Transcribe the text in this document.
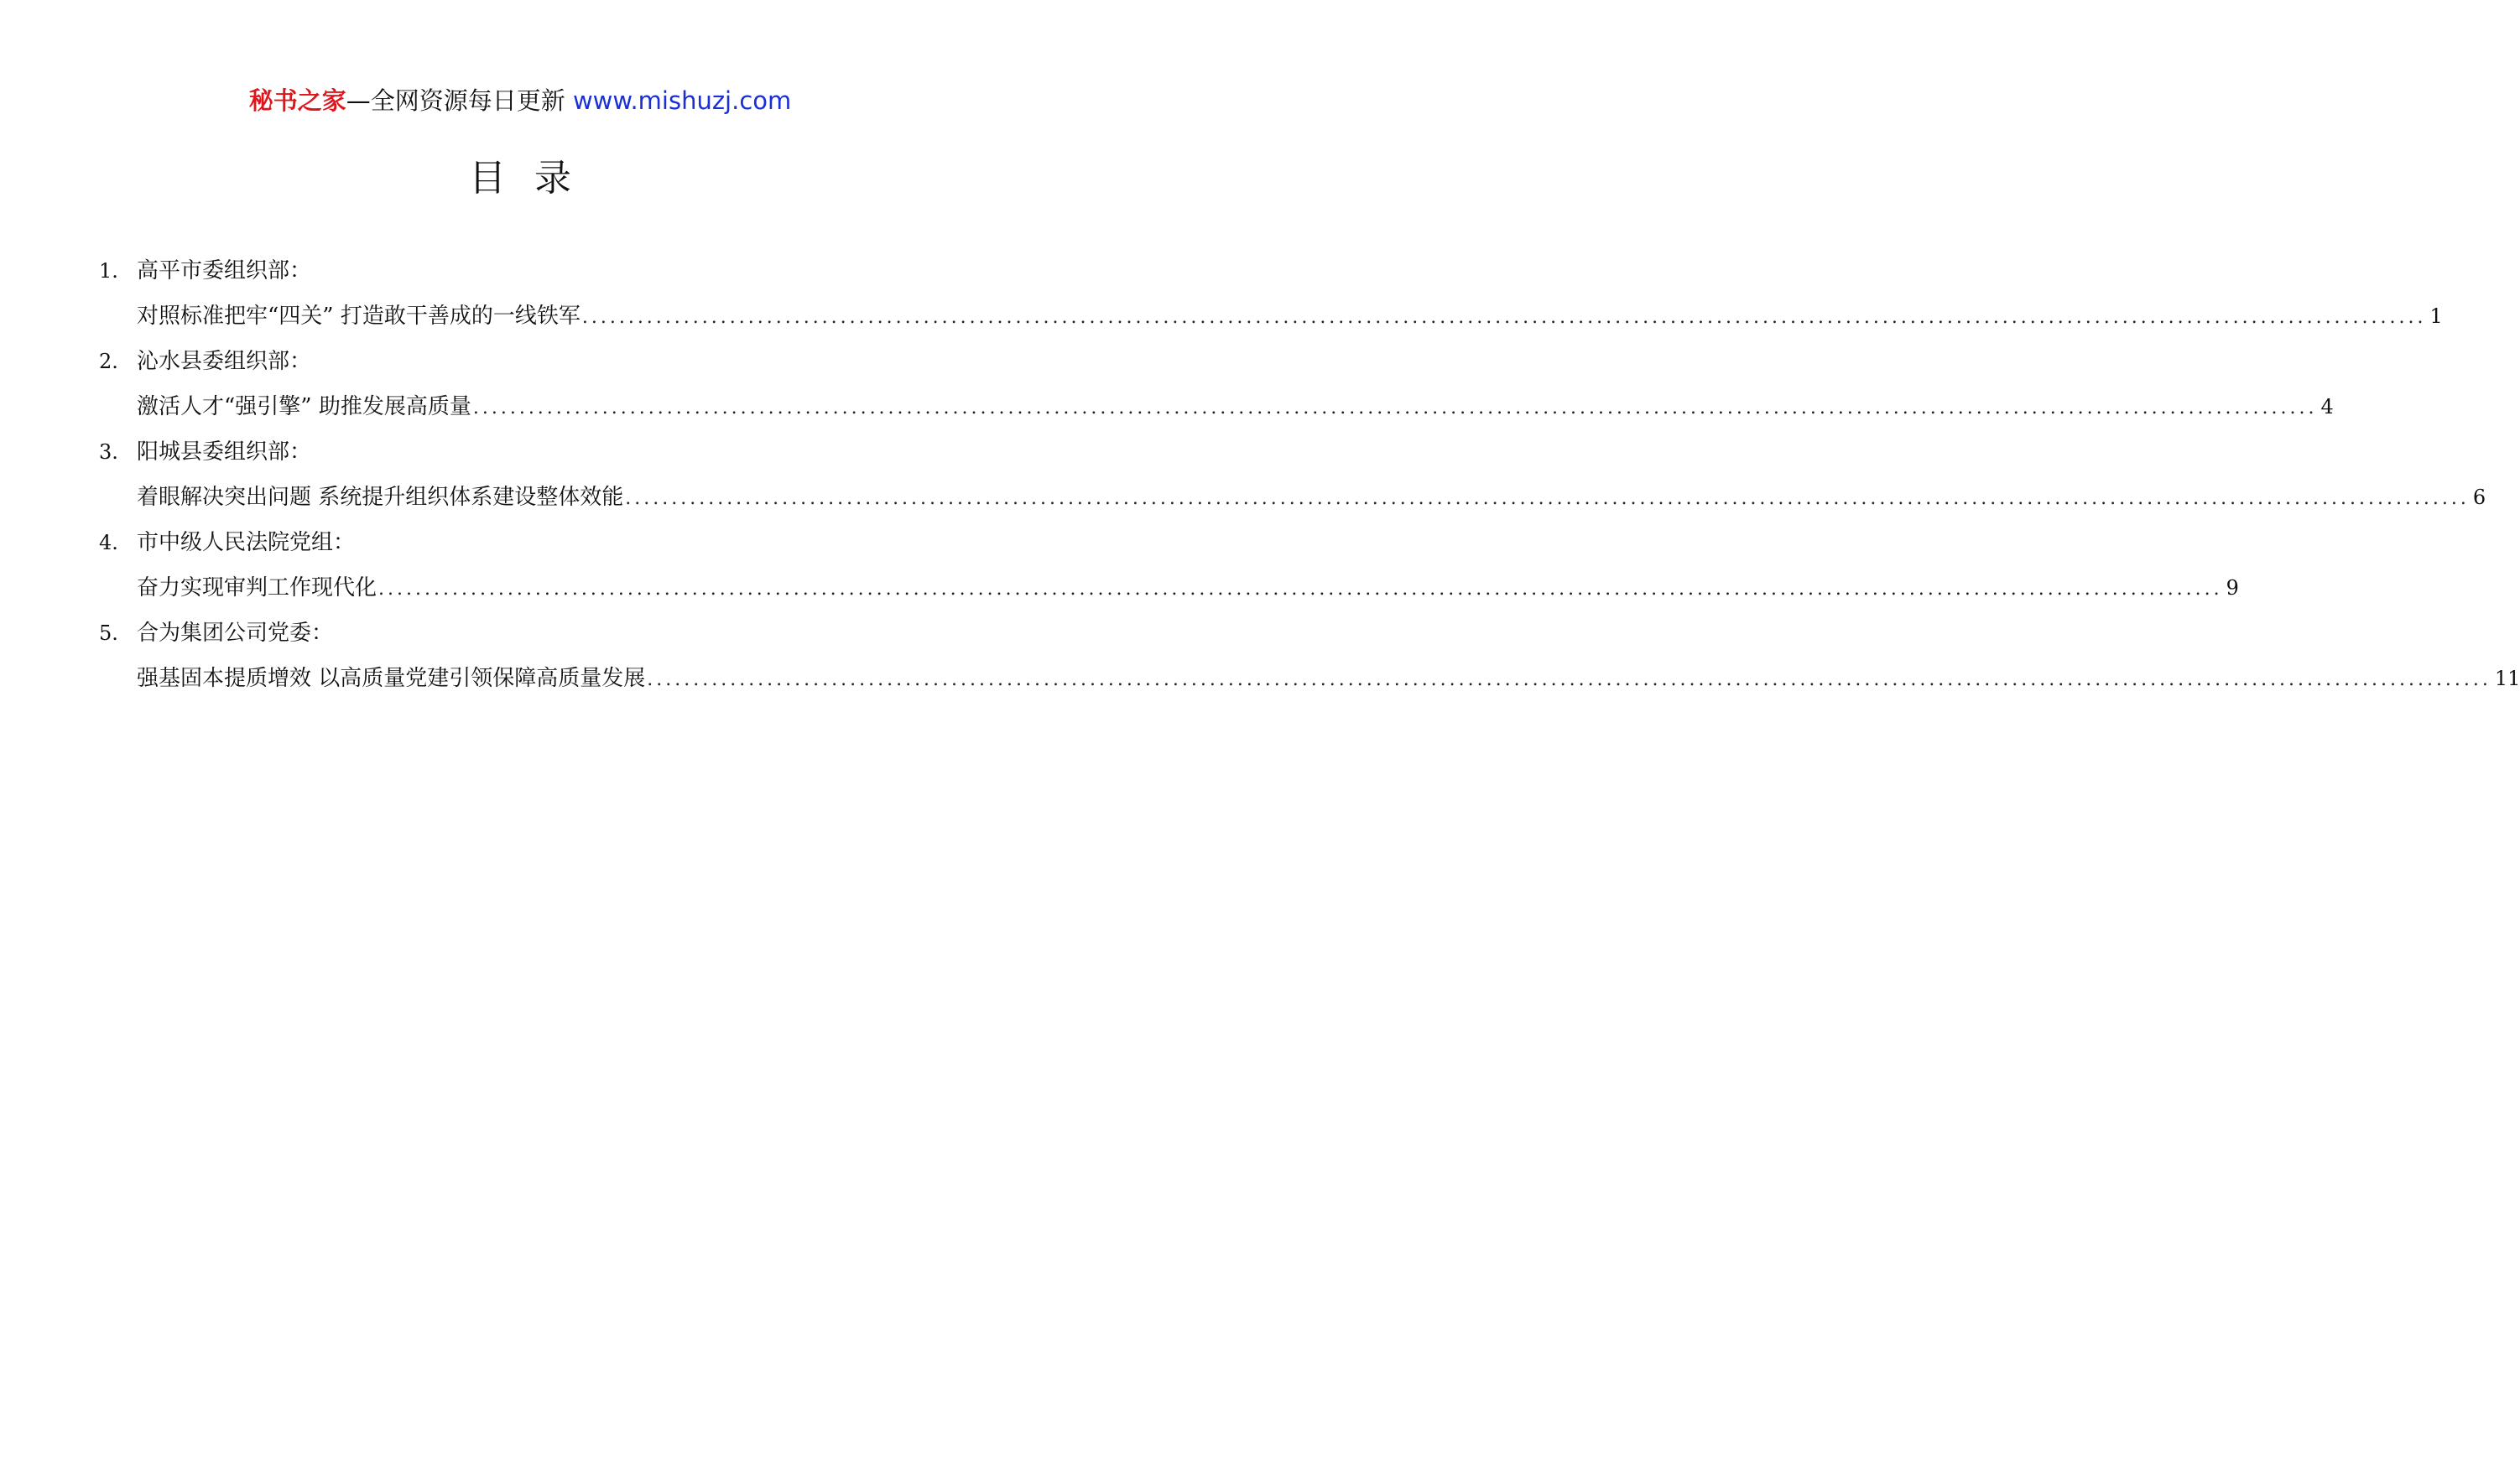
秘书之家—全网资源每日更新 www.mishuzj.com
目录
1. 高平市委组织部：
对照标准把牢“四关” 打造敢干善成的一线铁军 ........................................................................................................................................................................................................ 1
2. 沁水县委组织部：
激活人才“强引擎” 助推发展高质量 ........................................................................................................................................................................................................ 4
3. 阳城县委组织部：
着眼解决突出问题 系统提升组织体系建设整体效能 ........................................................................................................................................................................................................ 6
4. 市中级人民法院党组：
奋力实现审判工作现代化 ........................................................................................................................................................................................................ 9
5. 合为集团公司党委：
强基固本提质增效 以高质量党建引领保障高质量发展 ........................................................................................................................................................................................................ 11
